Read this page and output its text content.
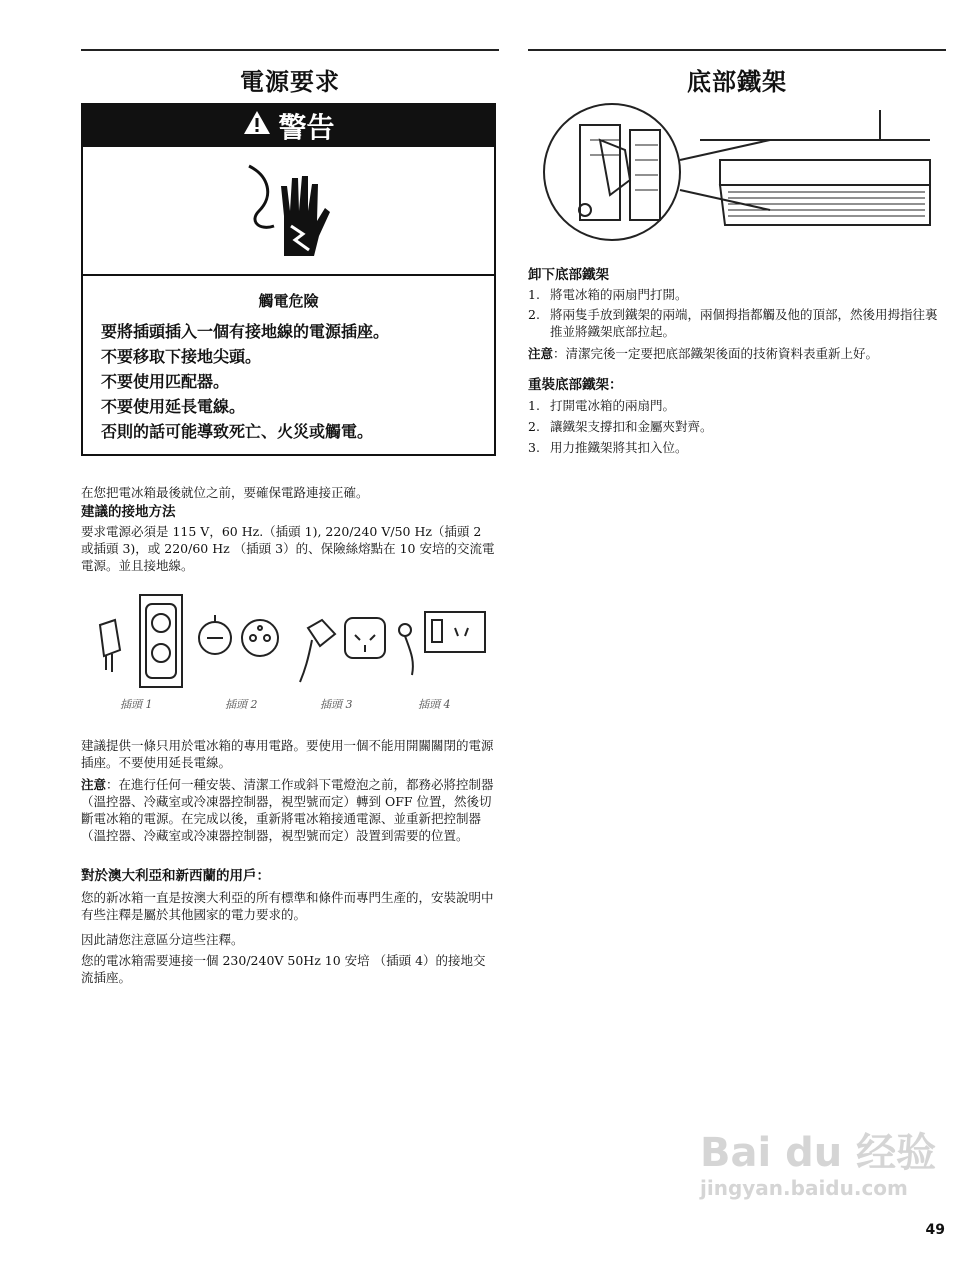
電源要求
警告
觸電危險
要將插頭插入一個有接地線的電源插座。
不要移取下接地尖頭。
不要使用匹配器。
不要使用延長電線。
否則的話可能導致死亡、火災或觸電。
在您把電冰箱最後就位之前，要確保電路連接正確。
建議的接地方法
要求電源必須是 115 V，60 Hz.（插頭 1), 220/240 V/50 Hz（插頭 2 或插頭 3)，或 220/60 Hz （插頭 3）的、保險絲熔點在 10 安培的交流電電源。並且接地線。
插頭 1	插頭 2	插頭 3	插頭 4
建議提供一條只用於電冰箱的專用電路。要使用一個不能用開關關閉的電源插座。不要使用延長電線。
注意：在進行任何一種安裝、清潔工作或斜下電燈泡之前，都務必將控制器（溫控器、冷藏室或冷凍器控制器，視型號而定）轉到 OFF 位置，然後切斷電冰箱的電源。在完成以後，重新將電冰箱接通電源、並重新把控制器（溫控器、冷藏室或冷凍器控制器，視型號而定）設置到需要的位置。
對於澳大利亞和新西蘭的用戶：
您的新冰箱一直是按澳大利亞的所有標準和條件而專門生產的，安裝說明中有些注釋是屬於其他國家的電力要求的。
因此請您注意區分這些注釋。
您的電冰箱需要連接一個 230/240V 50Hz 10 安培 （插頭 4）的接地交流插座。
底部鐵架
卸下底部鐵架
1. 將電冰箱的兩扇門打開。
2. 將兩隻手放到鐵架的兩端，兩個拇指都觸及他的頂部，然後用拇指往裏推並將鐵架底部拉起。
注意：清潔完後一定要把底部鐵架後面的技術資料表重新上好。
重裝底部鐵架：
1. 打開電冰箱的兩扇門。
2. 讓鐵架支撐扣和金屬夾對齊。
3. 用力推鐵架將其扣入位。
Bai du 经验
jingyan.baidu.com
49
